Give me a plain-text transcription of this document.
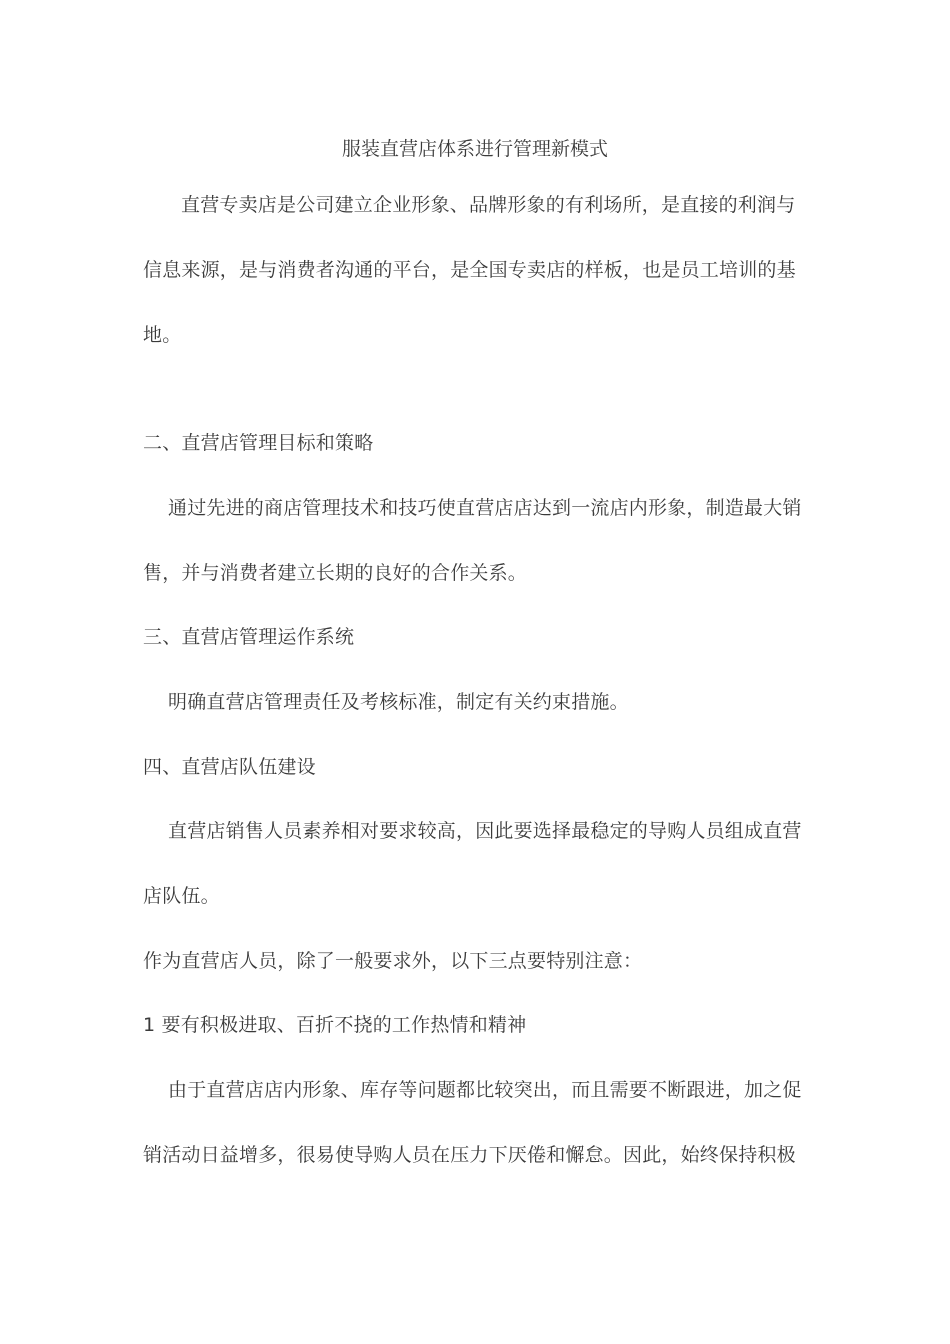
服装直营店体系进行管理新模式
直营专卖店是公司建立企业形象、品牌形象的有利场所，是直接的利润与
信息来源，是与消费者沟通的平台，是全国专卖店的样板，也是员工培训的基
地。
二、直营店管理目标和策略
通过先进的商店管理技术和技巧使直营店店达到一流店内形象，制造最大销
售，并与消费者建立长期的良好的合作关系。
三、直营店管理运作系统
明确直营店管理责任及考核标准，制定有关约束措施。
四、直营店队伍建设
直营店销售人员素养相对要求较高，因此要选择最稳定的导购人员组成直营
店队伍。
作为直营店人员，除了一般要求外，以下三点要特别注意：
1 要有积极进取、百折不挠的工作热情和精神
由于直营店店内形象、库存等问题都比较突出，而且需要不断跟进，加之促
销活动日益增多，很易使导购人员在压力下厌倦和懈怠。因此，始终保持积极
